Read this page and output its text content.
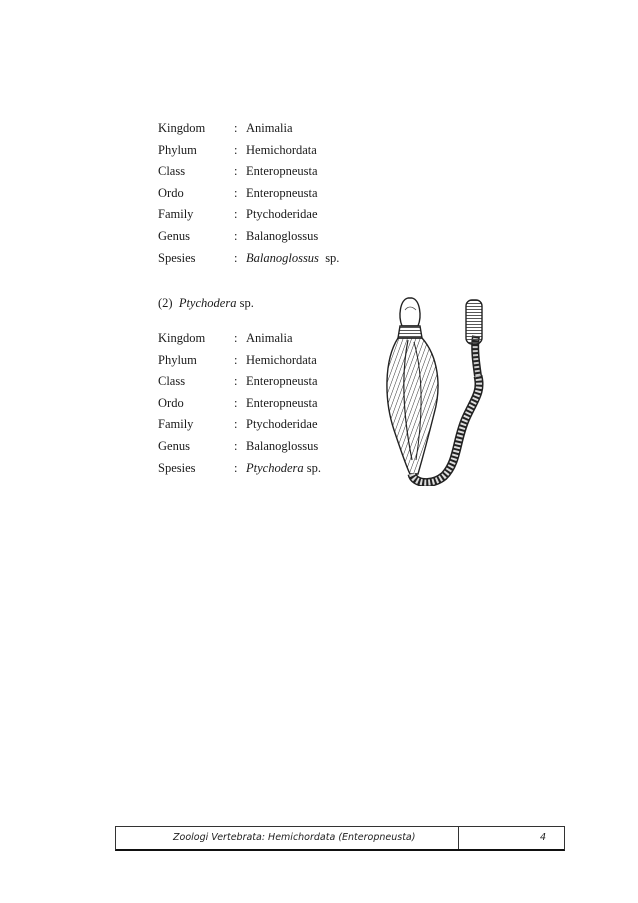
Kingdom	: Animalia
Phylum	: Hemichordata
Class	: Enteropneusta
Ordo	: Enteropneusta
Family	: Ptychoderidae
Genus	: Balanoglossus
Spesies	: Balanoglossus sp.
(2) Ptychodera sp.
Kingdom	: Animalia
Phylum	: Hemichordata
Class	: Enteropneusta
Ordo	: Enteropneusta
Family	: Ptychoderidae
Genus	: Balanoglossus
Spesies	: Ptychodera sp.
Zoologi Vertebrata: Hemichordata (Enteropneusta)	4
